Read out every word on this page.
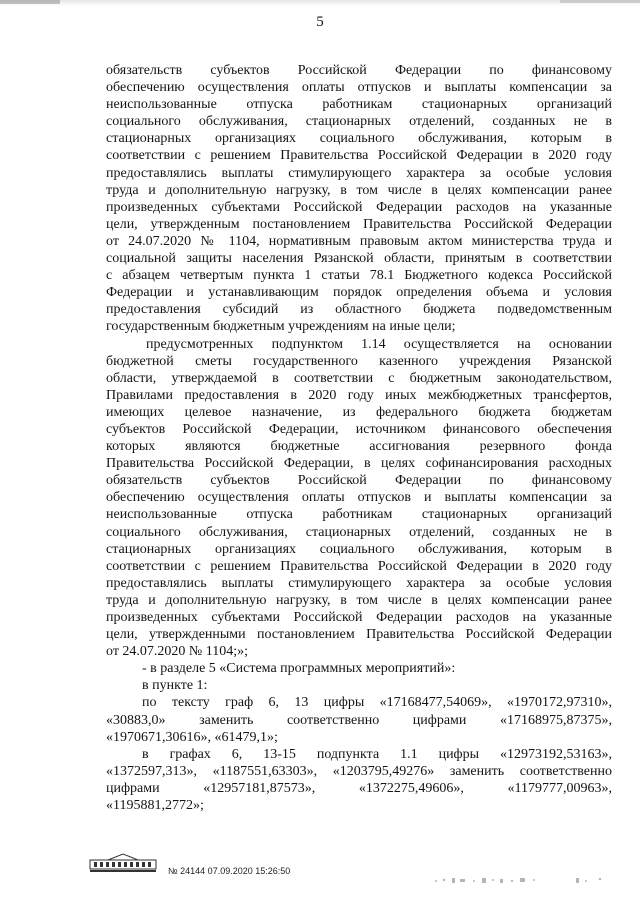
5
обязательств субъектов Российской Федерации по финансовому
обеспечению осуществления оплаты отпусков и выплаты компенсации за
неиспользованные отпуска работникам стационарных организаций
социального обслуживания, стационарных отделений, созданных не в
стационарных организациях социального обслуживания, которым в
соответствии с решением Правительства Российской Федерации в 2020 году
предоставлялись выплаты стимулирующего характера за особые условия
труда и дополнительную нагрузку, в том числе в целях компенсации ранее
произведенных субъектами Российской Федерации расходов на указанные
цели, утвержденным постановлением Правительства Российской Федерации
от 24.07.2020 № 1104, нормативным правовым актом министерства труда и
социальной защиты населения Рязанской области, принятым в соответствии
с абзацем четвертым пункта 1 статьи 78.1 Бюджетного кодекса Российской
Федерации и устанавливающим порядок определения объема и условия
предоставления субсидий из областного бюджета подведомственным
государственным бюджетным учреждениям на иные цели;
предусмотренных подпунктом 1.14 осуществляется на основании
бюджетной сметы государственного казенного учреждения Рязанской
области, утверждаемой в соответствии с бюджетным законодательством,
Правилами предоставления в 2020 году иных межбюджетных трансфертов,
имеющих целевое назначение, из федерального бюджета бюджетам
субъектов Российской Федерации, источником финансового обеспечения
которых являются бюджетные ассигнования резервного фонда
Правительства Российской Федерации, в целях софинансирования расходных
обязательств субъектов Российской Федерации по финансовому
обеспечению осуществления оплаты отпусков и выплаты компенсации за
неиспользованные отпуска работникам стационарных организаций
социального обслуживания, стационарных отделений, созданных не в
стационарных организациях социального обслуживания, которым в
соответствии с решением Правительства Российской Федерации в 2020 году
предоставлялись выплаты стимулирующего характера за особые условия
труда и дополнительную нагрузку, в том числе в целях компенсации ранее
произведенных субъектами Российской Федерации расходов на указанные
цели, утвержденными постановлением Правительства Российской Федерации
от 24.07.2020 № 1104;»;
- в разделе 5 «Система программных мероприятий»:
в пункте 1:
по тексту граф 6, 13 цифры «17168477,54069», «1970172,97310»,
«30883,0» заменить соответственно цифрами «17168975,87375»,
«1970671,30616», «61479,1»;
в графах 6, 13-15 подпункта 1.1 цифры «12973192,53163»,
«1372597,313», «1187551,63303», «1203795,49276» заменить соответственно
цифрами «12957181,87573», «1372275,49606», «1179777,00963»,
«1195881,2772»;
№ 24144 07.09.2020 15:26:50
